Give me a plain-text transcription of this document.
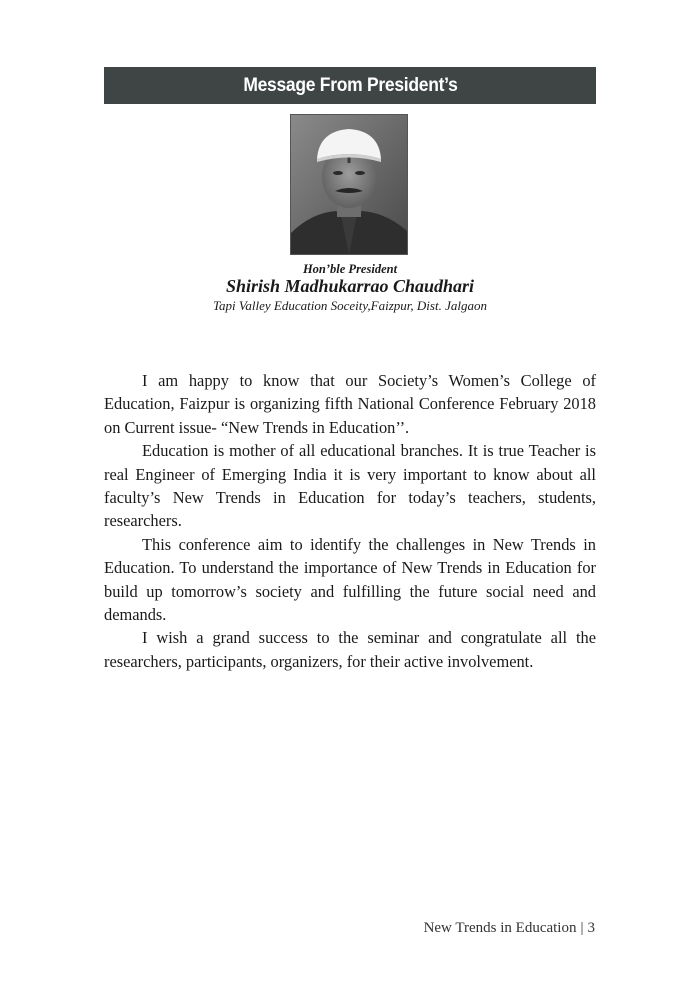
Message From President’s
Hon’ble President
Shirish Madhukarrao Chaudhari
Tapi Valley Education Soceity,Faizpur, Dist. Jalgaon

I am happy to know that our Society’s Women’s College of Education, Faizpur is organizing fifth National Conference February 2018 on Current issue- “New Trends in Education’’.

Education is mother of all educational branches. It is true Teacher is real Engineer of Emerging India it is very important to know about all faculty’s New Trends in Education for today’s teachers, students, researchers.

This conference aim to identify the challenges in New Trends in Education. To understand the importance of New Trends in Education for build up tomorrow’s society and fulfilling the future social need and demands.

I wish a grand success to the seminar and congratulate all the researchers, participants, organizers, for their active involvement.

New Trends in Education | 3
